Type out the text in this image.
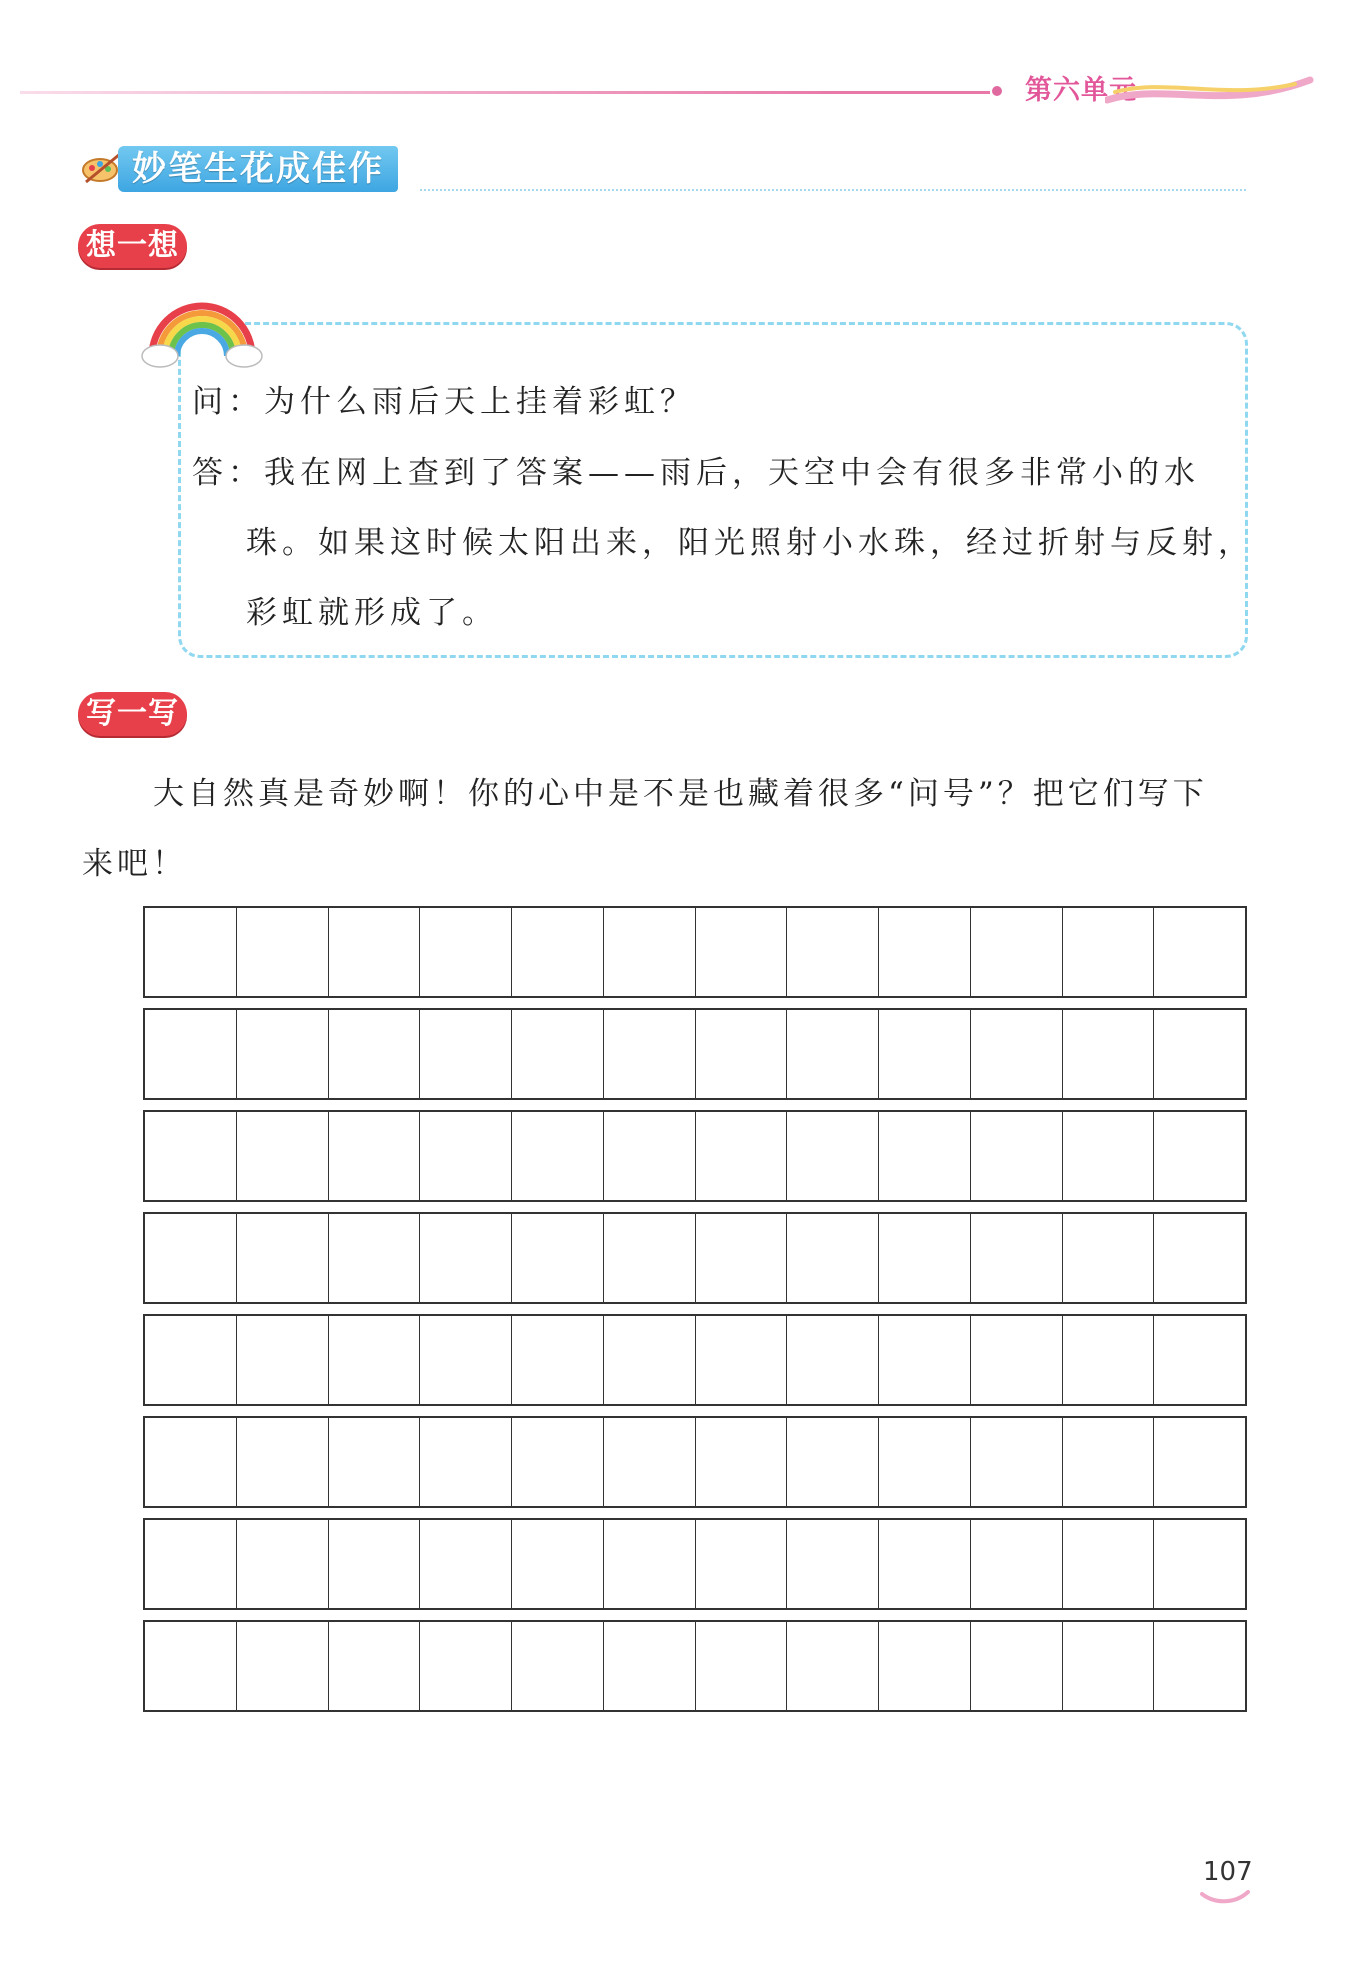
第六单元
妙笔生花成佳作
想一想
问：为什么雨后天上挂着彩虹？
答：我在网上查到了答案——雨后，天空中会有很多非常小的水
珠。如果这时候太阳出来，阳光照射小水珠，经过折射与反射，
彩虹就形成了。
写一写
大自然真是奇妙啊！你的心中是不是也藏着很多“问号”？把它们写下
来吧！
107
